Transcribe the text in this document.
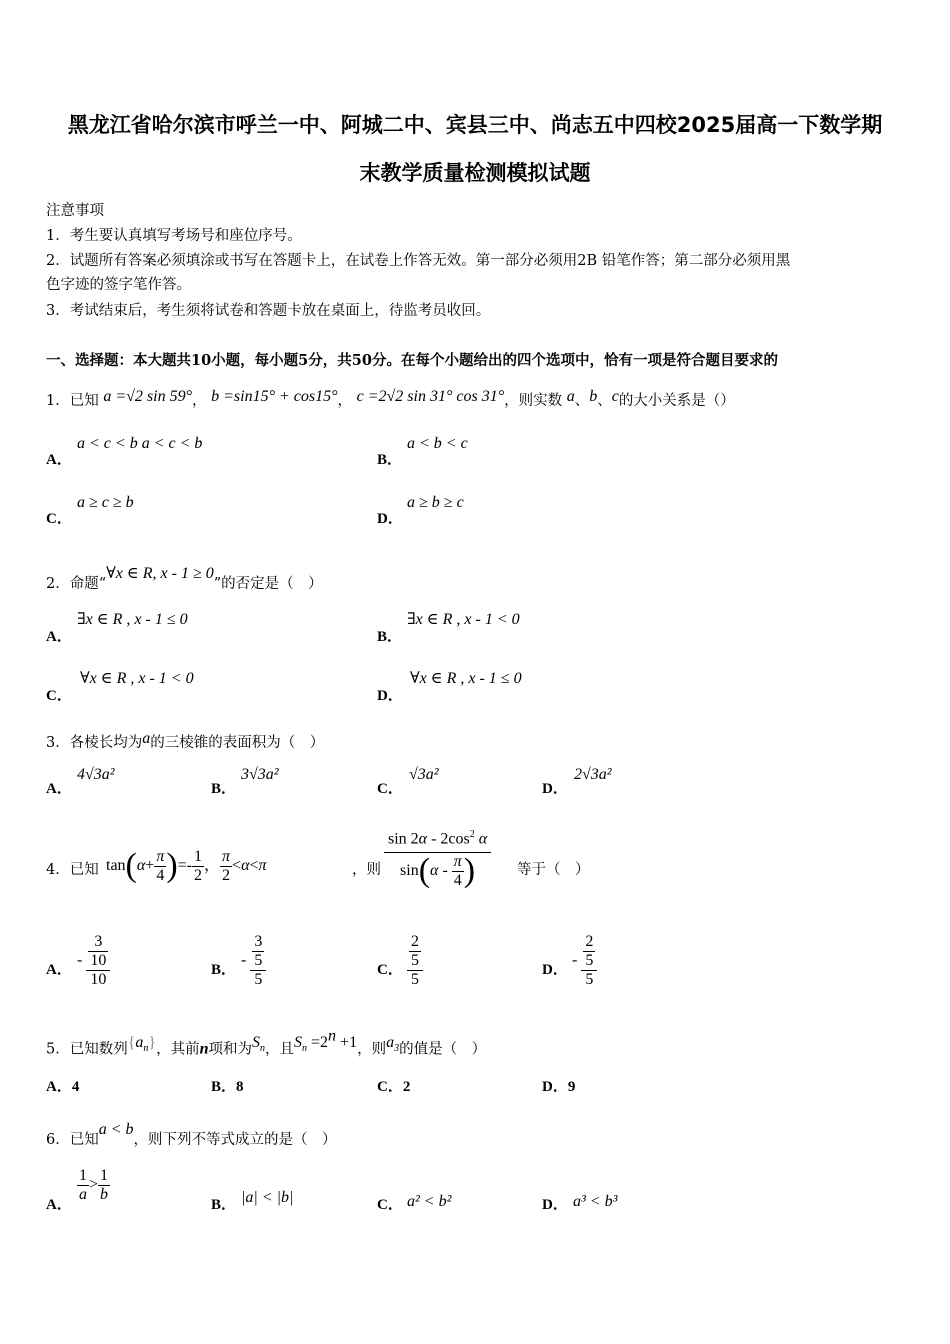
黑龙江省哈尔滨市呼兰一中、阿城二中、宾县三中、尚志五中四校2025届高一下数学期
末教学质量检测模拟试题
注意事项
1．考生要认真填写考场号和座位序号。
2．试题所有答案必须填涂或书写在答题卡上，在试卷上作答无效。第一部分必须用2B 铅笔作答；第二部分必须用黑
色字迹的签字笔作答。
3．考试结束后，考生须将试卷和答题卡放在桌面上，待监考员收回。
一、选择题：本大题共10小题，每小题5分，共50分。在每个小题给出的四个选项中，恰有一项是符合题目要求的
1．已知 a =√2 sin 59°， b =sin15° + cos15°， c =2√2 sin 31° cos 31°，则实数 a、b、c的大小关系是（）
A．
a < c < b a < c < b
B．
a < b < c
C．
a ≥ c ≥ b
D．
a ≥ b ≥ c
2．命题“∀x ∈ R, x - 1 ≥ 0”的否定是（　）
A．
∃x ∈ R , x - 1 ≤ 0
B．
∃x ∈ R , x - 1 < 0
C．
∀x ∈ R , x - 1 < 0
D．
∀x ∈ R , x - 1 ≤ 0
3．各棱长均为a的三棱锥的表面积为（　）
A．
4√3a²
B．
3√3a²
C．
√3a²
D．
2√3a²
4．已知 $\tan(\alpha+ \frac{\pi}{4}$ )=- $\frac{1}{2}$ ， $\frac{\pi}{2} <\alpha<\pi$	，则 $\frac{\sin 2\alpha - 2\cos^2 \alpha}{\sin(\alpha - \frac{\pi}{4} )}$ 等于（　）
A．
- 3
10
10	B．
- 3
5
5	C． 2
5
5	D．
- 2
5
5
5．已知数列$\{a_n\}$，其前n项和为$S_n$，且$S_n =2^n +1$，则$a_3$的值是（　）
A．4	B．8	C．2	D．9
6．已知a < b，则下列不等式成立的是（　）
A．
$\frac{1}{a} > \frac{1}{b}$
B． |a| < |b|	C． a² < b²	D． a³ < b³
